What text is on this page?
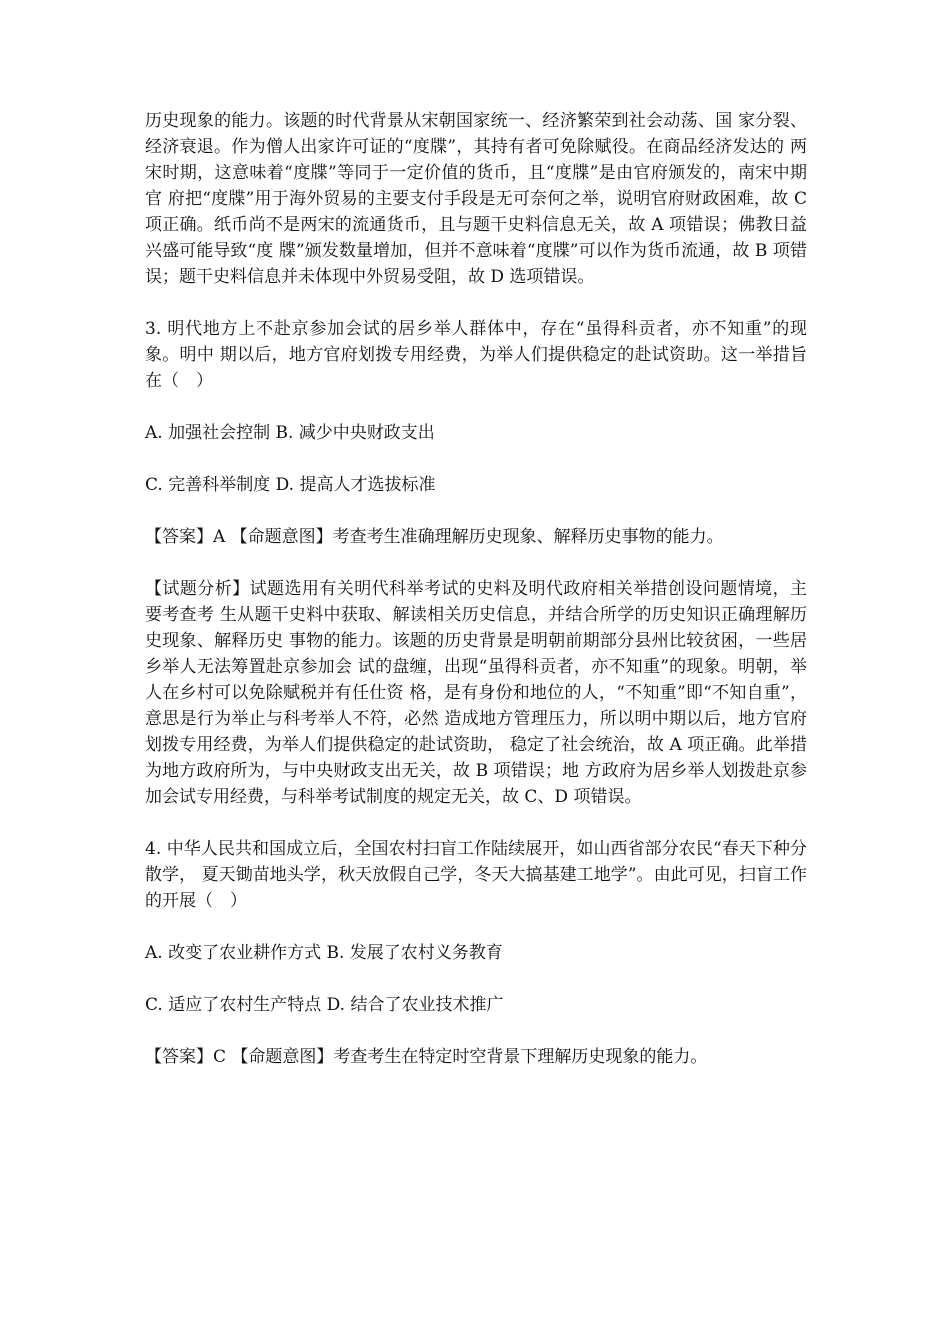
历史现象的能力。该题的时代背景从宋朝国家统一、经济繁荣到社会动荡、国 家分裂、经济衰退。作为僧人出家许可证的“度牒”，其持有者可免除赋役。在商品经济发达的 两宋时期，这意味着“度牒”等同于一定价值的货币，且“度牒”是由官府颁发的，南宋中期官 府把“度牒”用于海外贸易的主要支付手段是无可奈何之举，说明官府财政困难，故 C 项正确。纸币尚不是两宋的流通货币，且与题干史料信息无关，故 A 项错误；佛教日益兴盛可能导致“度 牒”颁发数量增加，但并不意味着“度牒”可以作为货币流通，故 B 项错误；题干史料信息并未体现中外贸易受阻，故 D 选项错误。

3. 明代地方上不赴京参加会试的居乡举人群体中，存在“虽得科贡者，亦不知重”的现象。明中 期以后，地方官府划拨专用经费，为举人们提供稳定的赴试资助。这一举措旨在（　）

A. 加强社会控制 B. 减少中央财政支出

C. 完善科举制度 D. 提高人才选拔标准

【答案】A 【命题意图】考查考生准确理解历史现象、解释历史事物的能力。

【试题分析】试题选用有关明代科举考试的史料及明代政府相关举措创设问题情境，主要考查考 生从题干史料中获取、解读相关历史信息，并结合所学的历史知识正确理解历史现象、解释历史 事物的能力。该题的历史背景是明朝前期部分县州比较贫困，一些居乡举人无法筹置赴京参加会 试的盘缠，出现“虽得科贡者，亦不知重”的现象。明朝，举人在乡村可以免除赋税并有任仕资 格，是有身份和地位的人，“不知重”即“不知自重”，意思是行为举止与科考举人不符，必然 造成地方管理压力，所以明中期以后，地方官府划拨专用经费，为举人们提供稳定的赴试资助， 稳定了社会统治，故 A 项正确。此举措为地方政府所为，与中央财政支出无关，故 B 项错误；地 方政府为居乡举人划拨赴京参加会试专用经费，与科举考试制度的规定无关，故 C、D 项错误。

4. 中华人民共和国成立后，全国农村扫盲工作陆续展开，如山西省部分农民“春天下种分散学， 夏天锄苗地头学，秋天放假自己学，冬天大搞基建工地学”。由此可见，扫盲工作的开展（　）

A. 改变了农业耕作方式 B. 发展了农村义务教育

C. 适应了农村生产特点 D. 结合了农业技术推广

【答案】C 【命题意图】考查考生在特定时空背景下理解历史现象的能力。
